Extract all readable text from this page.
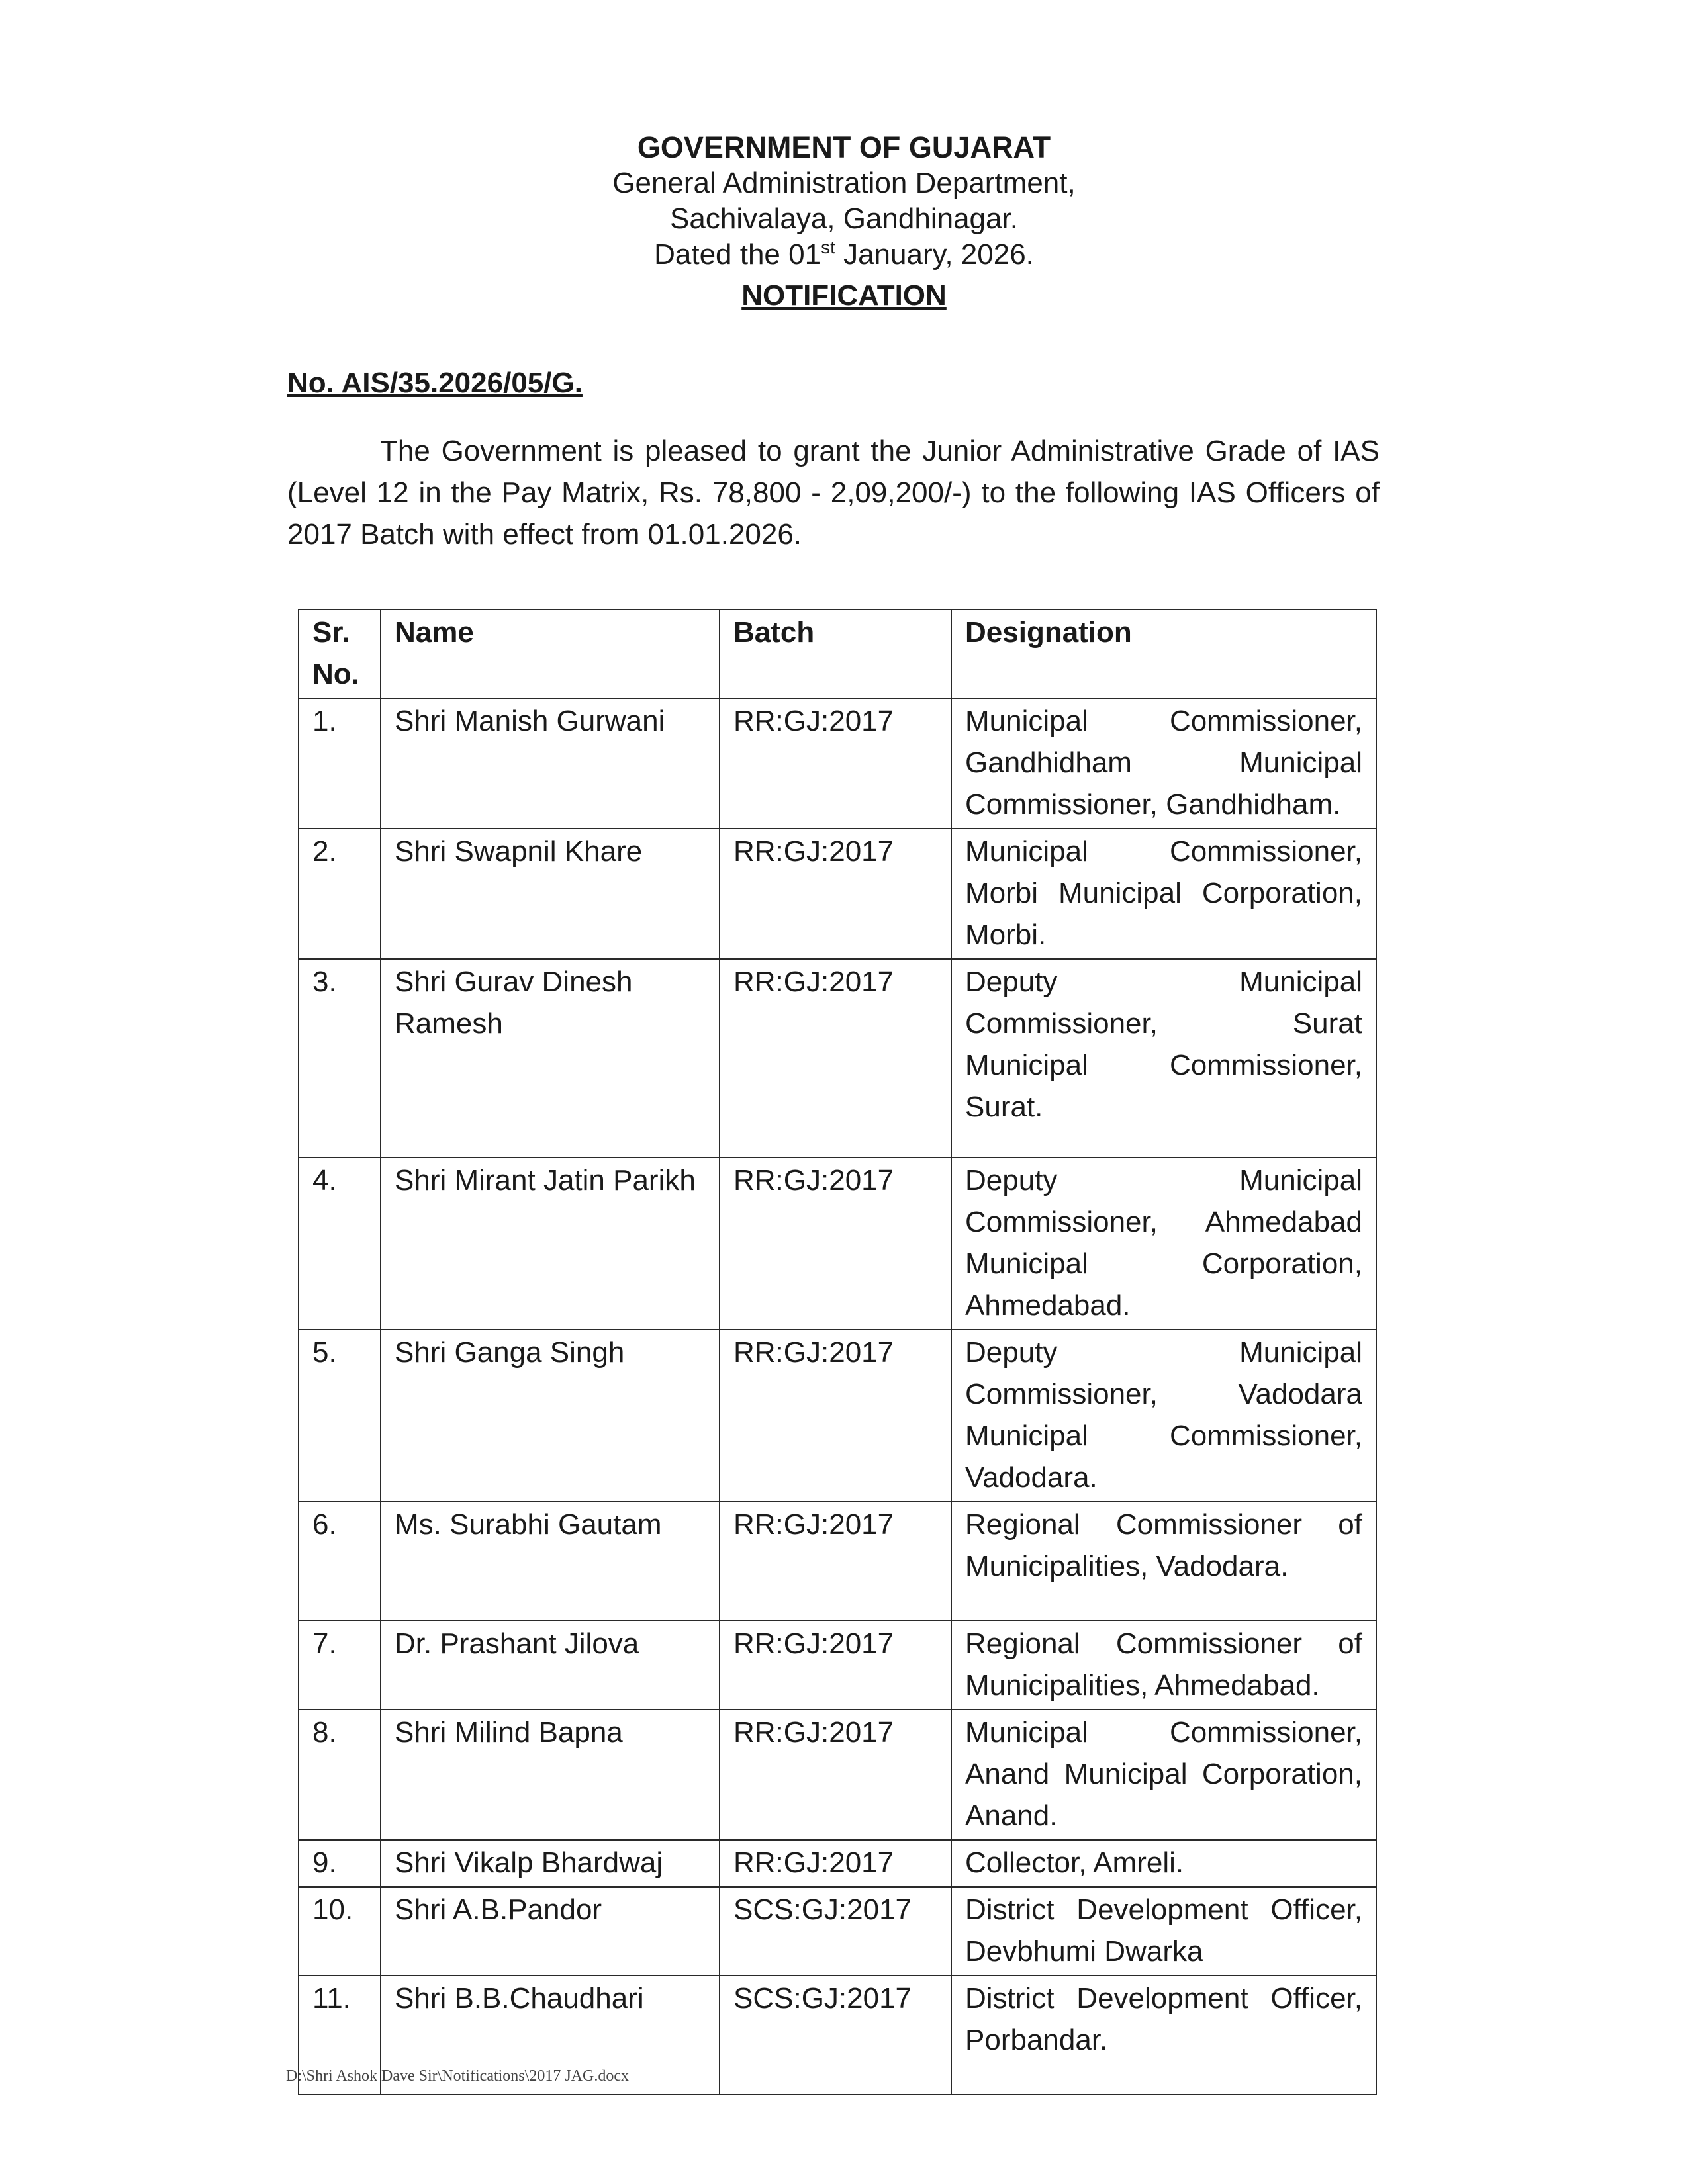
GOVERNMENT OF GUJARAT
General Administration Department,
Sachivalaya, Gandhinagar.
Dated the 01st January, 2026.
NOTIFICATION
No. AIS/35.2026/05/G.
The Government is pleased to grant the Junior Administrative Grade of IAS (Level 12 in the Pay Matrix, Rs. 78,800 - 2,09,200/-) to the following IAS Officers of 2017 Batch with effect from 01.01.2026.
Sr. No.	Name	Batch	Designation
1.	Shri Manish Gurwani	RR:GJ:2017	Municipal Commissioner, Gandhidham Municipal Commissioner, Gandhidham.
2.	Shri Swapnil Khare	RR:GJ:2017	Municipal Commissioner, Morbi Municipal Corporation, Morbi.
3.	Shri Gurav Dinesh Ramesh	RR:GJ:2017	Deputy Municipal Commissioner, Surat Municipal Commissioner, Surat.
4.	Shri Mirant Jatin Parikh	RR:GJ:2017	Deputy Municipal Commissioner, Ahmedabad Municipal Corporation, Ahmedabad.
5.	Shri Ganga Singh	RR:GJ:2017	Deputy Municipal Commissioner, Vadodara Municipal Commissioner, Vadodara.
6.	Ms. Surabhi Gautam	RR:GJ:2017	Regional Commissioner of Municipalities, Vadodara.
7.	Dr. Prashant Jilova	RR:GJ:2017	Regional Commissioner of Municipalities, Ahmedabad.
8.	Shri Milind Bapna	RR:GJ:2017	Municipal Commissioner, Anand Municipal Corporation, Anand.
9.	Shri Vikalp Bhardwaj	RR:GJ:2017	Collector, Amreli.
10.	Shri A.B.Pandor	SCS:GJ:2017	District Development Officer, Devbhumi Dwarka
11.	Shri B.B.Chaudhari	SCS:GJ:2017	District Development Officer, Porbandar.
D:\Shri Ashok Dave Sir\Notifications\2017 JAG.docx
